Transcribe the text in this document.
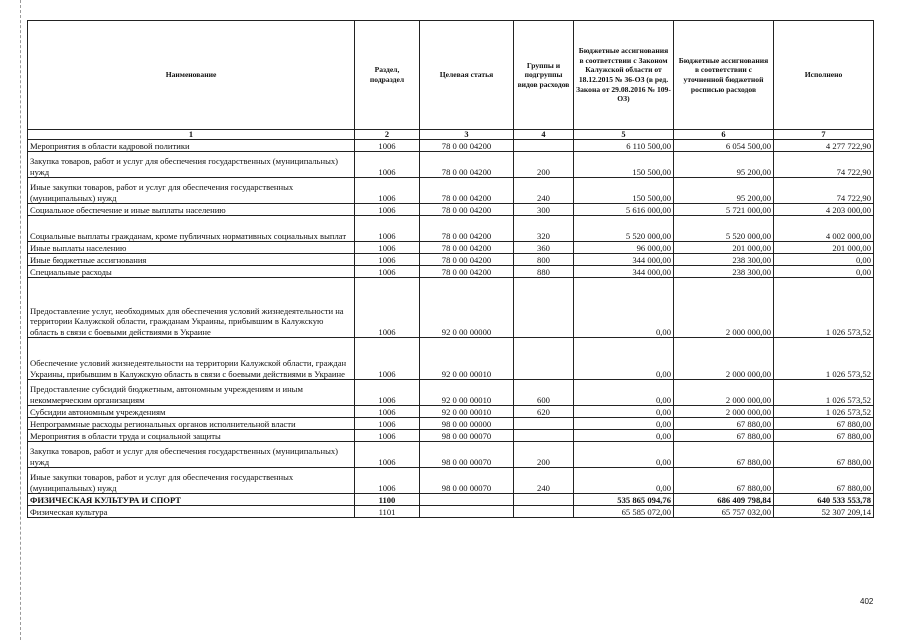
Наименование	Раздел, подраздел	Целевая статья	Группы и подгруппы видов расходов	Бюджетные ассигнования в соответствии с Законом Калужской области от 18.12.2015 № 36-ОЗ (в ред. Закона от 29.08.2016 № 109-ОЗ)	Бюджетные ассигнования в соответствии с уточненной бюджетной росписью расходов	Исполнено
1	2	3	4	5	6	7
Мероприятия в области кадровой политики	1006	78 0 00 04200		6 110 500,00	6 054 500,00	4 277 722,90
Закупка товаров, работ и услуг для обеспечения государственных (муниципальных) нужд	1006	78 0 00 04200	200	150 500,00	95 200,00	74 722,90
Иные закупки товаров, работ и услуг для обеспечения государственных (муниципальных) нужд	1006	78 0 00 04200	240	150 500,00	95 200,00	74 722,90
Социальное обеспечение и иные выплаты населению	1006	78 0 00 04200	300	5 616 000,00	5 721 000,00	4 203 000,00
Социальные выплаты гражданам, кроме публичных нормативных социальных выплат	1006	78 0 00 04200	320	5 520 000,00	5 520 000,00	4 002 000,00
Иные выплаты населению	1006	78 0 00 04200	360	96 000,00	201 000,00	201 000,00
Иные бюджетные ассигнования	1006	78 0 00 04200	800	344 000,00	238 300,00	0,00
Специальные расходы	1006	78 0 00 04200	880	344 000,00	238 300,00	0,00
Предоставление услуг, необходимых для обеспечения условий жизнедеятельности на территории Калужской области, гражданам Украины, прибывшим в Калужскую область в связи с боевыми действиями в Украине	1006	92 0 00 00000		0,00	2 000 000,00	1 026 573,52
Обеспечение условий жизнедеятельности на территории Калужской области, граждан Украины, прибывшим в Калужскую область в связи с боевыми действиями в Украине	1006	92 0 00 00010		0,00	2 000 000,00	1 026 573,52
Предоставление субсидий бюджетным, автономным учреждениям и иным некоммерческим организациям	1006	92 0 00 00010	600	0,00	2 000 000,00	1 026 573,52
Субсидии автономным учреждениям	1006	92 0 00 00010	620	0,00	2 000 000,00	1 026 573,52
Непрограммные расходы региональных органов исполнительной власти	1006	98 0 00 00000		0,00	67 880,00	67 880,00
Мероприятия в области труда и социальной защиты	1006	98 0 00 00070		0,00	67 880,00	67 880,00
Закупка товаров, работ и услуг для обеспечения государственных (муниципальных) нужд	1006	98 0 00 00070	200	0,00	67 880,00	67 880,00
Иные закупки товаров, работ и услуг для обеспечения государственных (муниципальных) нужд	1006	98 0 00 00070	240	0,00	67 880,00	67 880,00
ФИЗИЧЕСКАЯ КУЛЬТУРА И СПОРТ	1100			535 865 094,76	686 409 798,84	640 533 553,78
Физическая культура	1101			65 585 072,00	65 757 032,00	52 307 209,14
402
